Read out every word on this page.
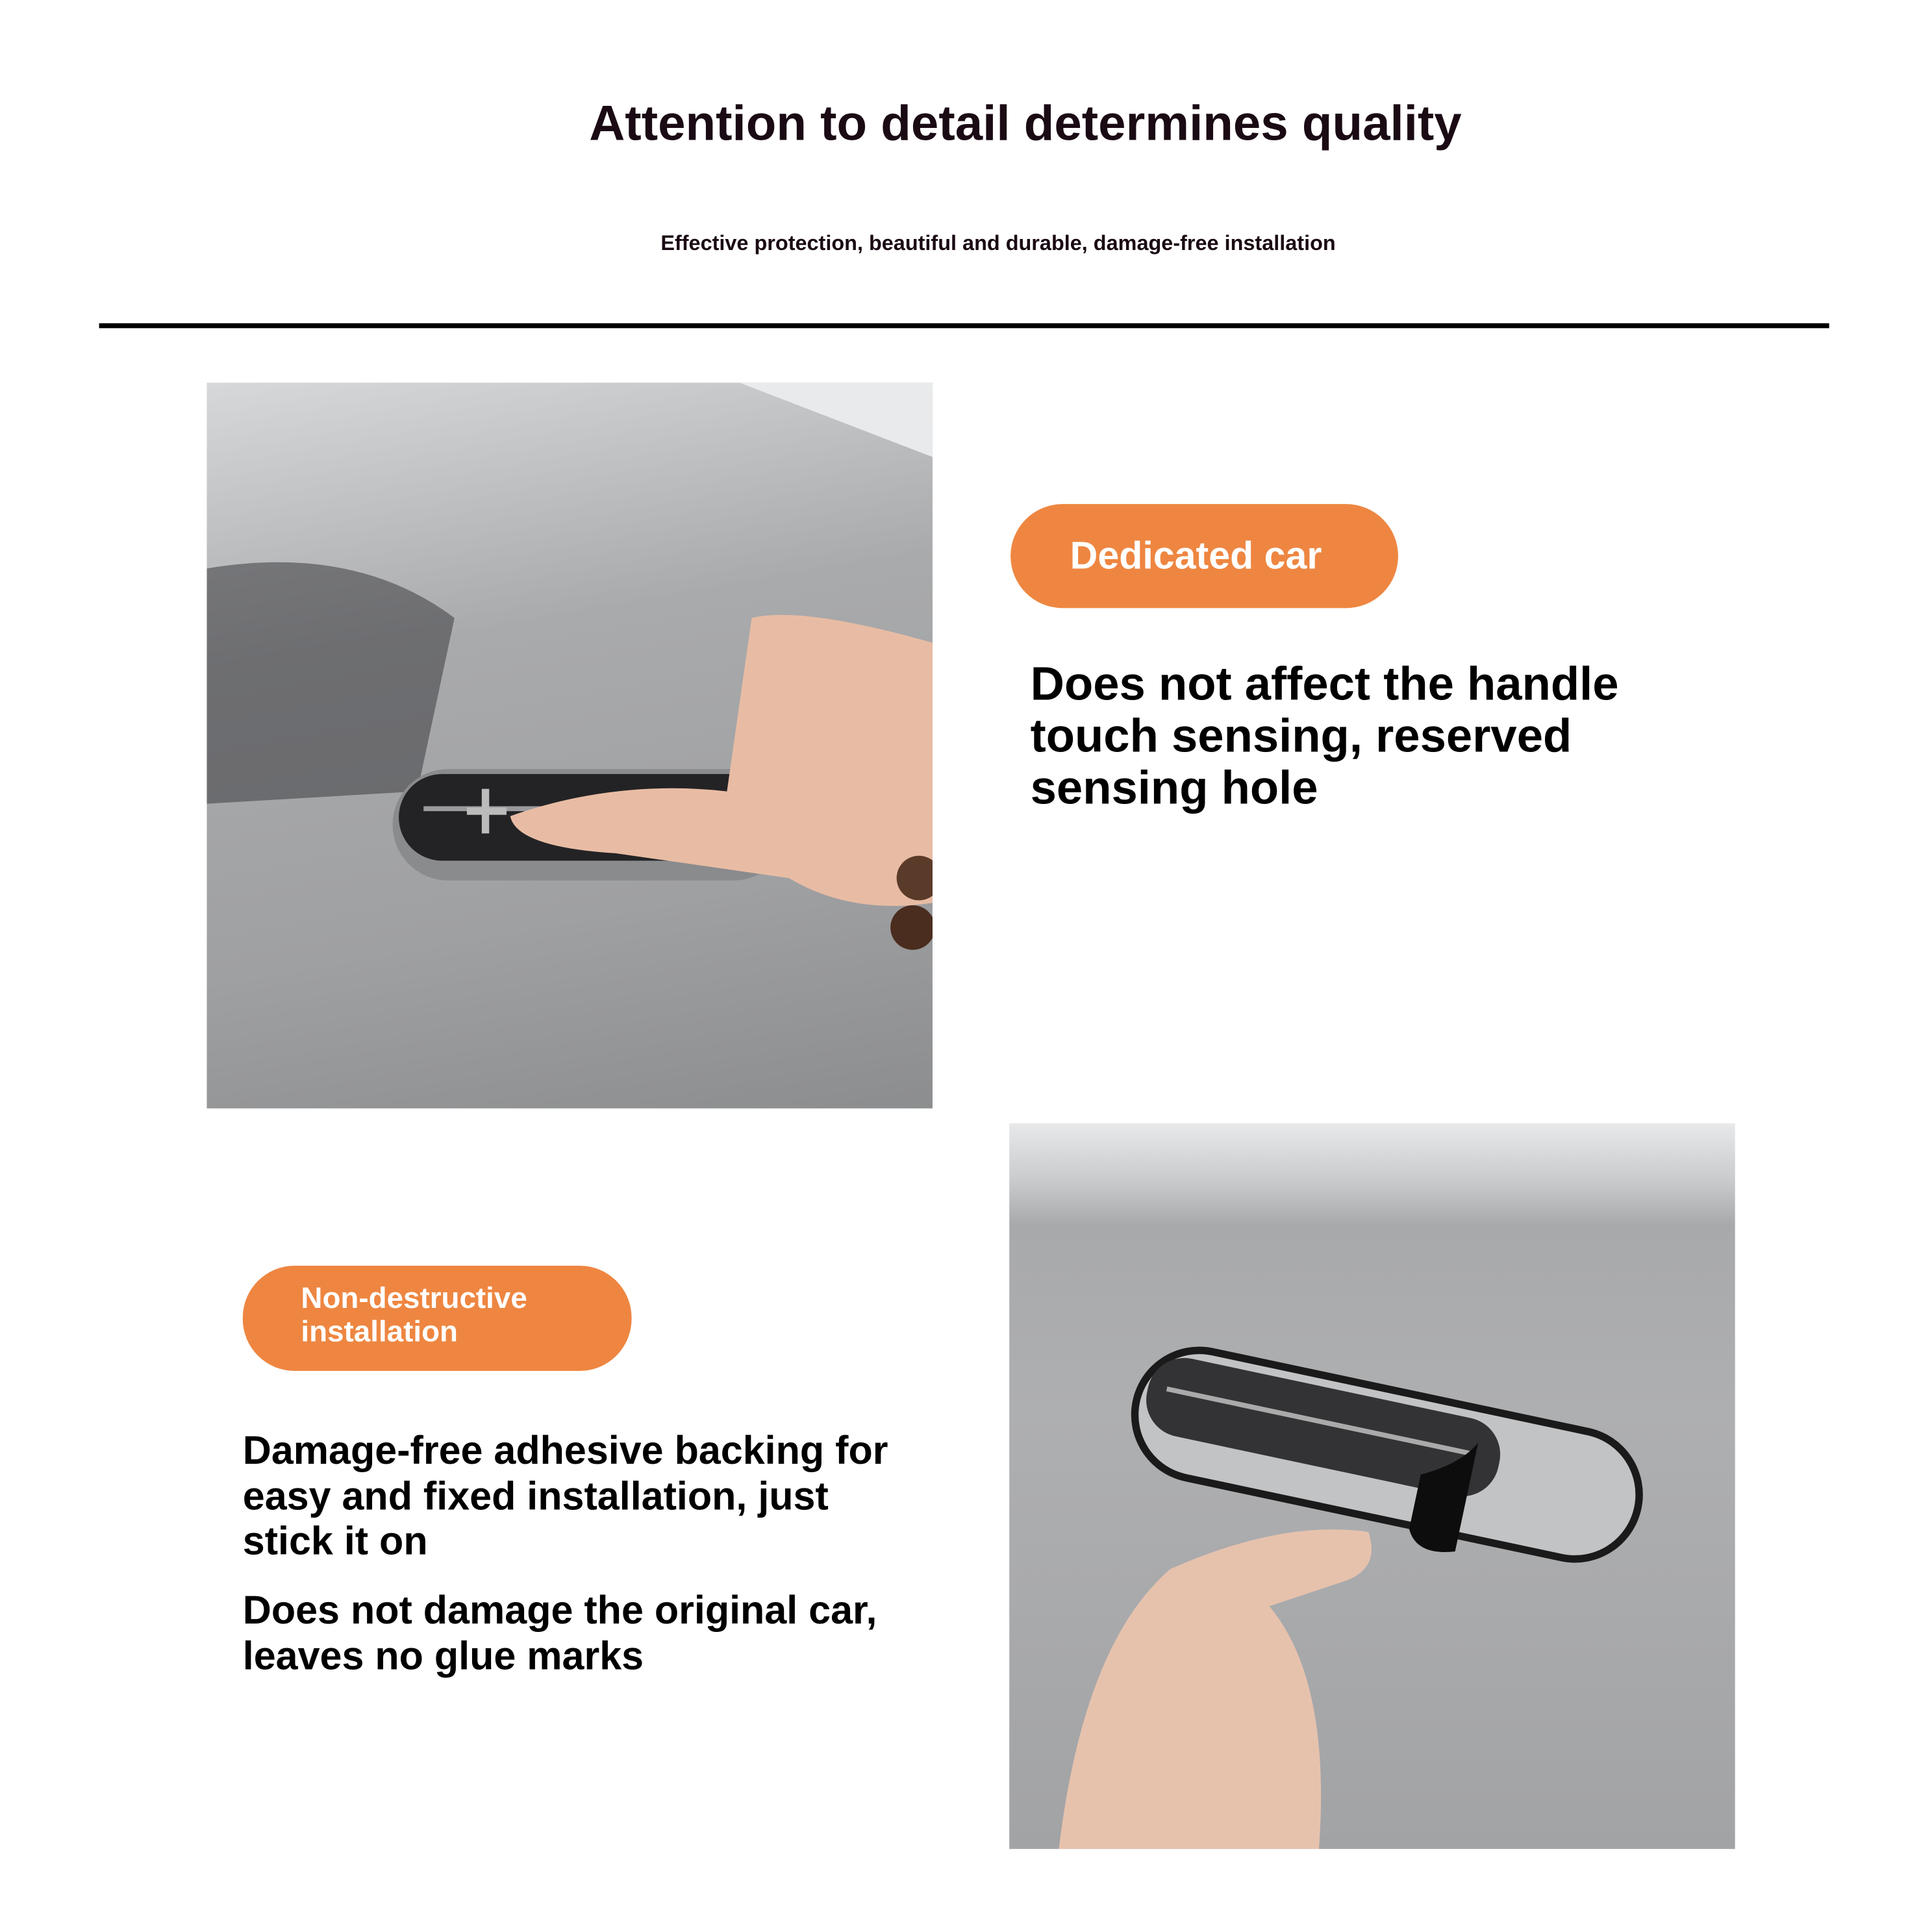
Attention to detail determines quality
Effective protection, beautiful and durable, damage-free installation
Dedicated car
Does not affect the handle touch sensing, reserved sensing hole
Non-destructive installation
Damage-free adhesive backing for easy and fixed installation, just stick it on
Does not damage the original car, leaves no glue marks
